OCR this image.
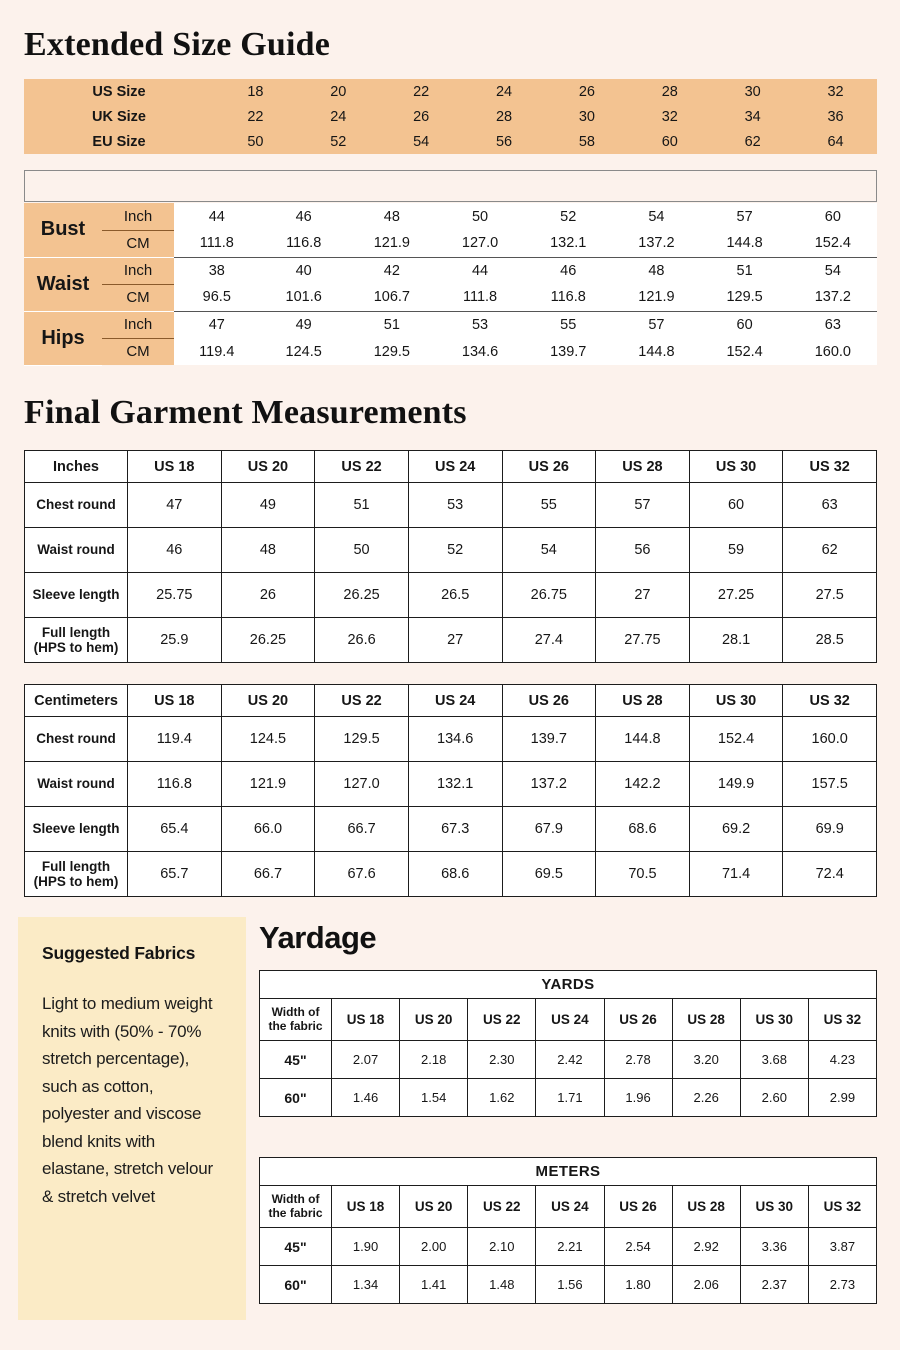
Extended Size Guide
US Size	18	20	22	24	26	28	30	32
UK Size	22	24	26	28	30	32	34	36
EU Size	50	52	54	56	58	60	62	64
Bust	Inch	44	46	48	50	52	54	57	60
	CM	111.8	116.8	121.9	127.0	132.1	137.2	144.8	152.4
Waist	Inch	38	40	42	44	46	48	51	54
	CM	96.5	101.6	106.7	111.8	116.8	121.9	129.5	137.2
Hips	Inch	47	49	51	53	55	57	60	63
	CM	119.4	124.5	129.5	134.6	139.7	144.8	152.4	160.0
Final Garment Measurements
Inches	US 18	US 20	US 22	US 24	US 26	US 28	US 30	US 32
Chest round	47	49	51	53	55	57	60	63
Waist round	46	48	50	52	54	56	59	62
Sleeve length	25.75	26	26.25	26.5	26.75	27	27.25	27.5
Full length
(HPS to hem)	25.9	26.25	26.6	27	27.4	27.75	28.1	28.5
Centimeters	US 18	US 20	US 22	US 24	US 26	US 28	US 30	US 32
Chest round	119.4	124.5	129.5	134.6	139.7	144.8	152.4	160.0
Waist round	116.8	121.9	127.0	132.1	137.2	142.2	149.9	157.5
Sleeve length	65.4	66.0	66.7	67.3	67.9	68.6	69.2	69.9
Full length
(HPS to hem)	65.7	66.7	67.6	68.6	69.5	70.5	71.4	72.4
Suggested Fabrics

Light to medium weight knits with (50% - 70% stretch percentage), such as cotton, polyester and viscose blend knits with elastane, stretch velour & stretch velvet

Yardage
YARDS								
Width of
the fabric	US 18	US 20	US 22	US 24	US 26	US 28	US 30	US 32
45"	2.07	2.18	2.30	2.42	2.78	3.20	3.68	4.23
60"	1.46	1.54	1.62	1.71	1.96	2.26	2.60	2.99
METERS								
Width of
the fabric	US 18	US 20	US 22	US 24	US 26	US 28	US 30	US 32
45"	1.90	2.00	2.10	2.21	2.54	2.92	3.36	3.87
60"	1.34	1.41	1.48	1.56	1.80	2.06	2.37	2.73
